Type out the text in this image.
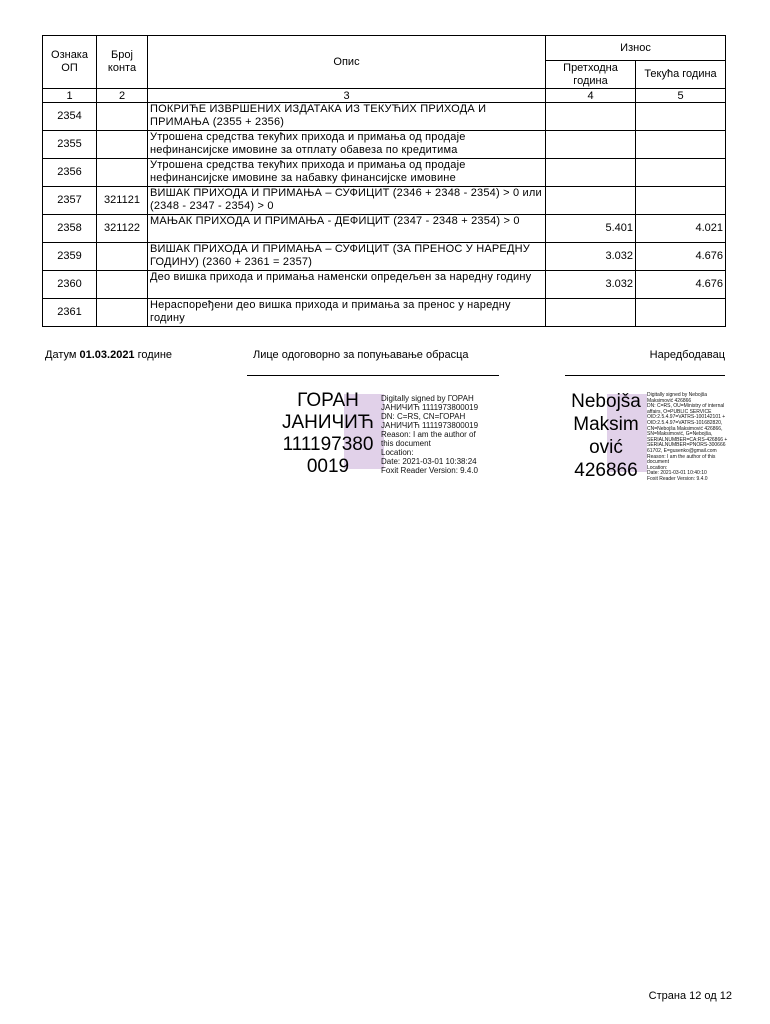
Ознака ОП	Број конта	Опис	Износ	
			Претходна година	Текућа година
1	2	3	4	5
2354		ПОКРИЋЕ ИЗВРШЕНИХ ИЗДАТАКА ИЗ ТЕКУЋИХ ПРИХОДА И ПРИМАЊА (2355 + 2356)		
2355		Утрошена средства текућих прихода и примања од продаје нефинансијске имовине за отплату обавеза по кредитима		
2356		Утрошена средства текућих прихода и примања од продаје нефинансијске имовине за набавку финансијске имовине		
2357	321121	ВИШАК ПРИХОДА И ПРИМАЊА – СУФИЦИТ (2346 + 2348 - 2354) > 0 или (2348 - 2347 - 2354) > 0		
2358	321122	МАЊАК ПРИХОДА И ПРИМАЊА - ДЕФИЦИТ (2347 - 2348 + 2354) > 0	5.401	4.021
2359		ВИШАК ПРИХОДА И ПРИМАЊА – СУФИЦИТ (ЗА ПРЕНОС У НАРЕДНУ ГОДИНУ) (2360 + 2361 = 2357)	3.032	4.676
2360		Део вишка прихода и примања наменски опредељен за наредну годину	3.032	4.676
2361		Нераспоређени део вишка прихода и примања за пренос у наредну годину		
Датум 01.03.2021 године	Лице одоговорно за попуњавање обрасца	Наредбодавац
ГОРАН ЈАНИЧИЋ 111197380 0019
Digitally signed by ГОРАН
ЈАНИЧИЋ 1111973800019
DN: C=RS, CN=ГОРАН
ЈАНИЧИЋ 1111973800019
Reason: I am the author of
this document
Location:
Date: 2021-03-01 10:38:24
Foxit Reader Version: 9.4.0
Nebojša Maksim ović 426866
Digitally signed by Nebojša
Maksimović 426866
DN: C=RS, OU=Ministry of internal
affairs, O=PUBLIC SERVICE
OID:2.5.4.97=VATRS-100142101 +
OID:2.5.4.97=VATRS-101682820,
CN=Nebojša Maksimović 426866,
SN=Maksimović, G=Nebojša,
SERIALNUMBER=CA:RS-426866 +
SERIALNUMBER=PNORS-300666
61702, E=gusenko@gmail.com
Reason: I am the author of this
document
Location:
Date: 2021-03-01 10:40:10
Foxit Reader Version: 9.4.0
Страна 12 од 12
